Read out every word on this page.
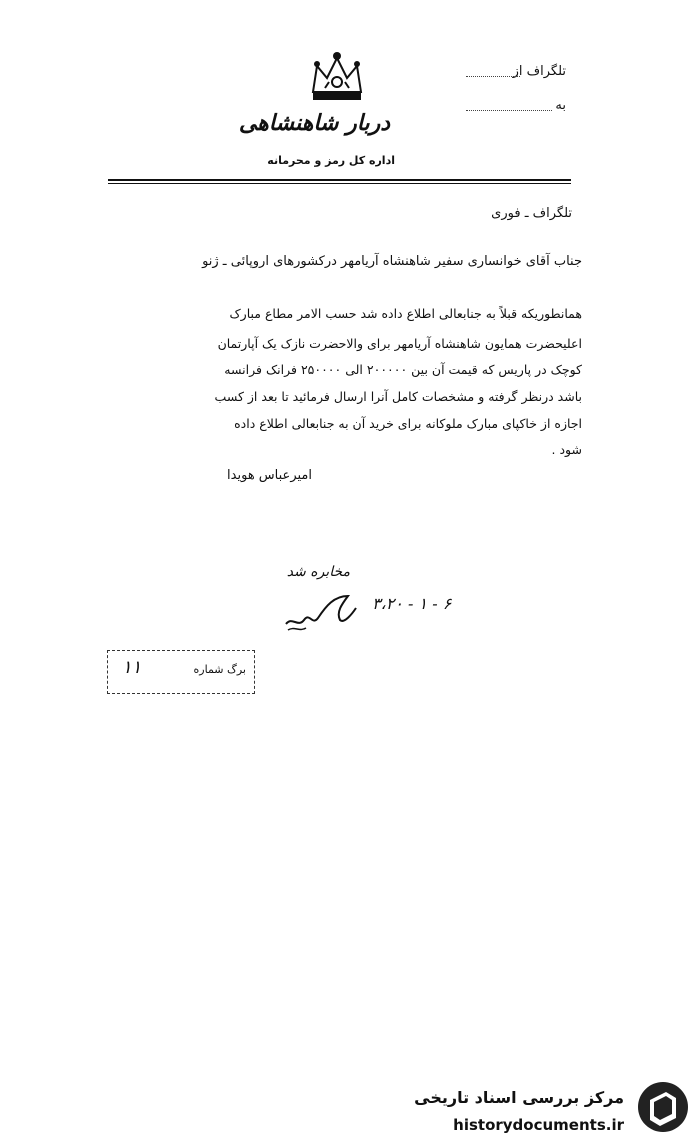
دربار شاهنشاهی
اداره کل رمز و محرمانه
تلگراف از
به
تلگراف ـ فوری
جناب آقای خوانساری سفیر شاهنشاه آریامهر درکشورهای اروپائی ـ ژنو
همانطوریکه قبلاً به جنابعالی اطلاع داده شد حسب الامر مطاع مبارک
اعلیحضرت همایون شاهنشاه آریامهر برای والاحضرت نازک یک آپارتمان
کوچک در پاریس که قیمت آن بین ۲۰۰۰۰۰ الی ۲۵۰۰۰۰ فرانک فرانسه
باشد درنظر گرفته و مشخصات کامل آنرا ارسال فرمائید تا بعد از کسب
اجازه از خاکپای مبارک ملوکانه برای خرید آن به جنابعالی اطلاع داده
شود .
امیرعباس هویدا
مخابره شد
۳،۲۰ - ۱ - ۶
برگ شماره
۱۱
مرکز بررسی اسناد تاریخی
historydocuments.ir
